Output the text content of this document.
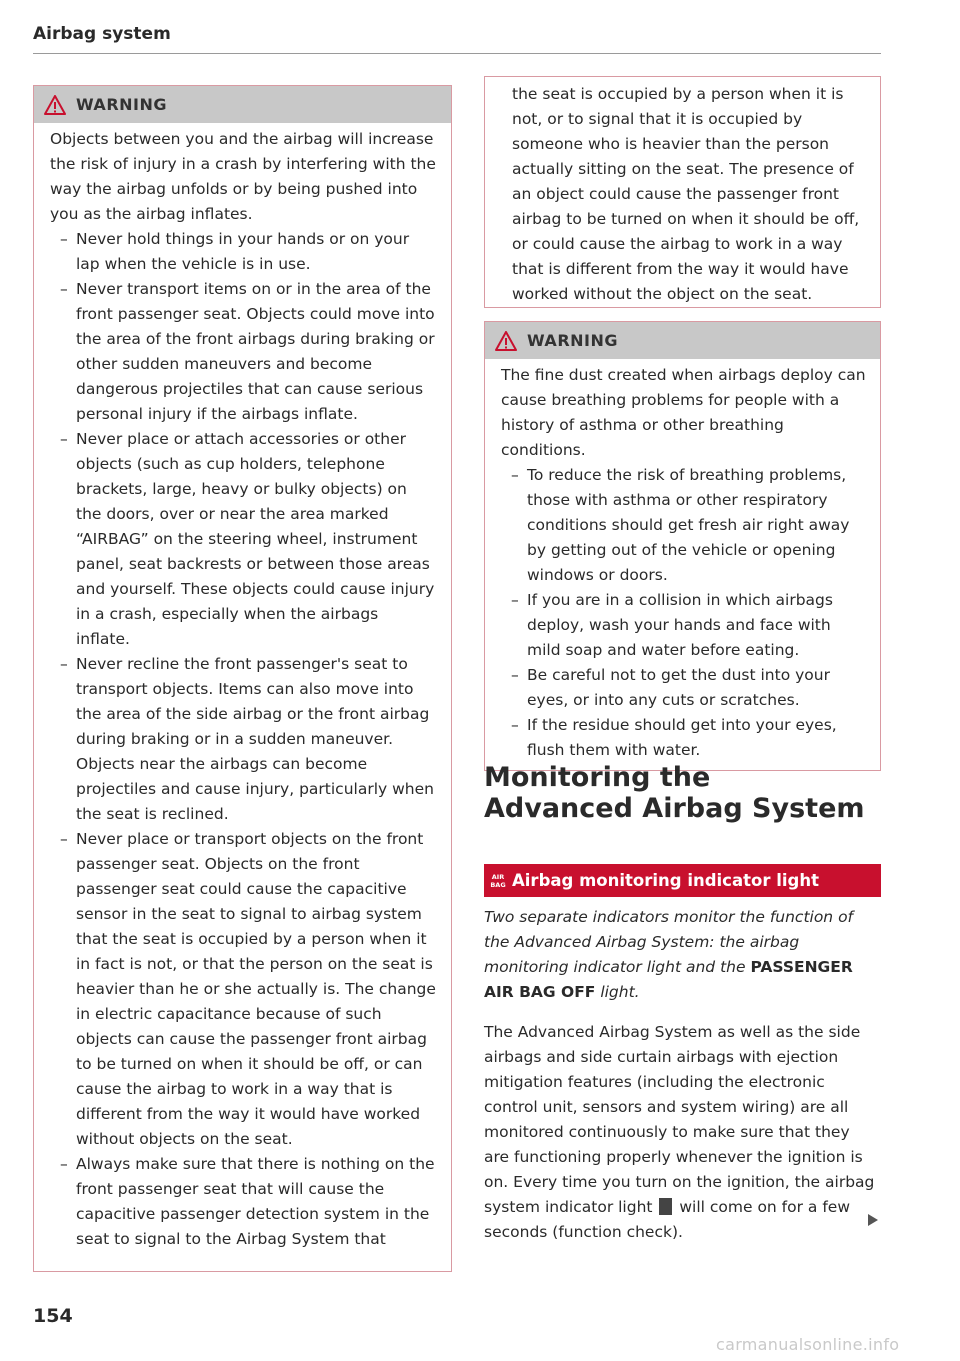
Airbag system
WARNING

Objects between you and the airbag will increase the risk of injury in a crash by interfering with the way the airbag unfolds or by being pushed into you as the airbag inflates.

– Never hold things in your hands or on your lap when the vehicle is in use.
– Never transport items on or in the area of the front passenger seat. Objects could move into the area of the front airbags during braking or other sudden maneuvers and become dangerous projectiles that can cause serious personal injury if the airbags inflate.
– Never place or attach accessories or other objects (such as cup holders, telephone brackets, large, heavy or bulky objects) on the doors, over or near the area marked “AIRBAG” on the steering wheel, instrument panel, seat backrests or between those areas and yourself. These objects could cause injury in a crash, especially when the airbags inflate.
– Never recline the front passenger's seat to transport objects. Items can also move into the area of the side airbag or the front airbag during braking or in a sudden maneuver. Objects near the airbags can become projectiles and cause injury, particularly when the seat is reclined.
– Never place or transport objects on the front passenger seat. Objects on the front passenger seat could cause the capacitive sensor in the seat to signal to airbag system that the seat is occupied by a person when it in fact is not, or that the person on the seat is heavier than he or she actually is. The change in electric capacitance because of such objects can cause the passenger front airbag to be turned on when it should be off, or can cause the airbag to work in a way that is different from the way it would have worked without objects on the seat.
– Always make sure that there is nothing on the front passenger seat that will cause the capacitive passenger detection system in the seat to signal to the Airbag System that

the seat is occupied by a person when it is not, or to signal that it is occupied by someone who is heavier than the person actually sitting on the seat. The presence of an object could cause the passenger front airbag to be turned on when it should be off, or could cause the airbag to work in a way that is different from the way it would have worked without the object on the seat.

WARNING

The fine dust created when airbags deploy can cause breathing problems for people with a history of asthma or other breathing conditions.

– To reduce the risk of breathing problems, those with asthma or other respiratory conditions should get fresh air right away by getting out of the vehicle or opening windows or doors.
– If you are in a collision in which airbags deploy, wash your hands and face with mild soap and water before eating.
– Be careful not to get the dust into your eyes, or into any cuts or scratches.
– If the residue should get into your eyes, flush them with water.
Monitoring the
Advanced Airbag System
AIR
BAG Airbag monitoring indicator light
Two separate indicators monitor the function of the Advanced Airbag System: the airbag monitoring indicator light and the PASSENGER AIR BAG OFF light.
The Advanced Airbag System as well as the side airbags and side curtain airbags with ejection mitigation features (including the electronic control unit, sensors and system wiring) are all monitored continuously to make sure that they are functioning properly whenever the ignition is on. Every time you turn on the ignition, the airbag system indicator light  will come on for a few seconds (function check).
154
carmanualsonline.info
